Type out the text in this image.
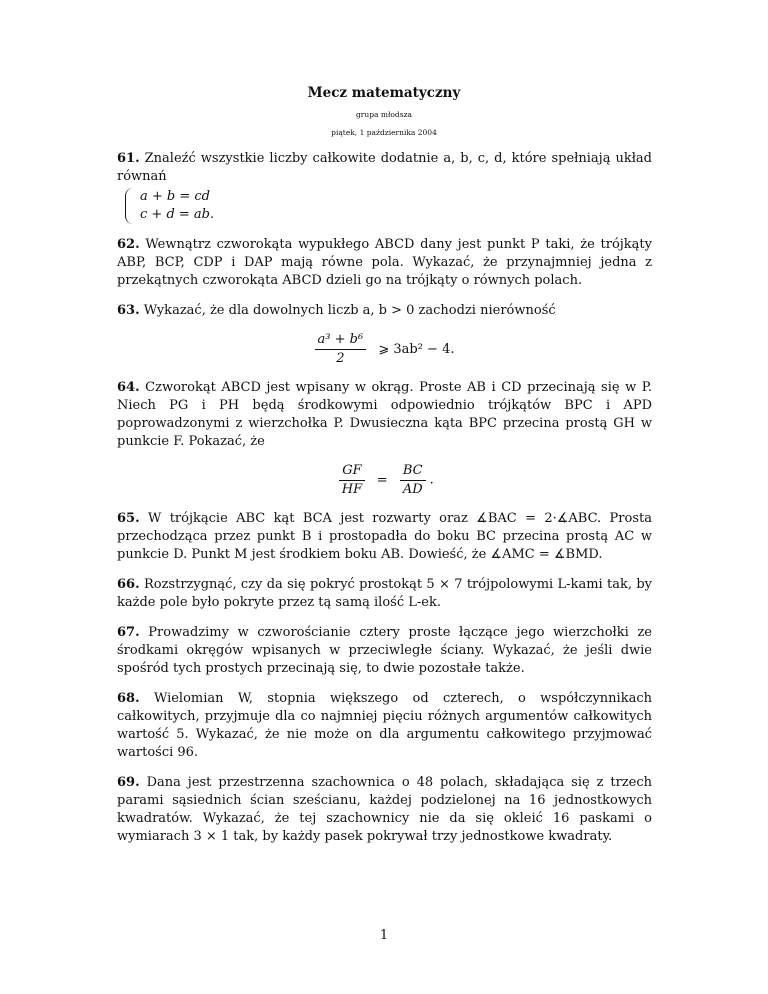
Mecz matematyczny
grupa młodsza
piątek, 1 października 2004
61. Znaleźć wszystkie liczby całkowite dodatnie a, b, c, d, które spełniają układ równań
a + b = cd
c + d = ab.
62. Wewnątrz czworokąta wypukłego ABCD dany jest punkt P taki, że trójkąty ABP, BCP, CDP i DAP mają równe pola. Wykazać, że przynajmniej jedna z przekątnych czworokąta ABCD dzieli go na trójkąty o równych polach.
63. Wykazać, że dla dowolnych liczb a, b > 0 zachodzi nierówność
$\frac{\text{a³ + b⁶}}{2}$ ⩾ 3ab² − 4.
64. Czworokąt ABCD jest wpisany w okrąg. Proste AB i CD przecinają się w P. Niech PG i PH będą środkowymi odpowiednio trójkątów BPC i APD poprowadzonymi z wierzchołka P. Dwusieczna kąta BPC przecina prostą GH w punkcie F. Pokazać, że
$\frac{GF}{HF} = \frac{BC}{AD}$ .
65. W trójkącie ABC kąt BCA jest rozwarty oraz ∡BAC = 2·∡ABC. Prosta przechodząca przez punkt B i prostopadła do boku BC przecina prostą AC w punkcie D. Punkt M jest środkiem boku AB. Dowieść, że ∡AMC = ∡BMD.
66. Rozstrzygnąć, czy da się pokryć prostokąt 5 × 7 trójpolowymi L-kami tak, by każde pole było pokryte przez tą samą ilość L-ek.
67. Prowadzimy w czworościanie cztery proste łączące jego wierzchołki ze środkami okręgów wpisanych w przeciwległe ściany. Wykazać, że jeśli dwie spośród tych prostych przecinają się, to dwie pozostałe także.
68. Wielomian W, stopnia większego od czterech, o współczynnikach całkowitych, przyjmuje dla co najmniej pięciu różnych argumentów całkowitych wartość 5. Wykazać, że nie może on dla argumentu całkowitego przyjmować wartości 96.
69. Dana jest przestrzenna szachownica o 48 polach, składająca się z trzech parami sąsiednich ścian sześcianu, każdej podzielonej na 16 jednostkowych kwadratów. Wykazać, że tej szachownicy nie da się okleić 16 paskami o wymiarach 3 × 1 tak, by każdy pasek pokrywał trzy jednostkowe kwadraty.
1
